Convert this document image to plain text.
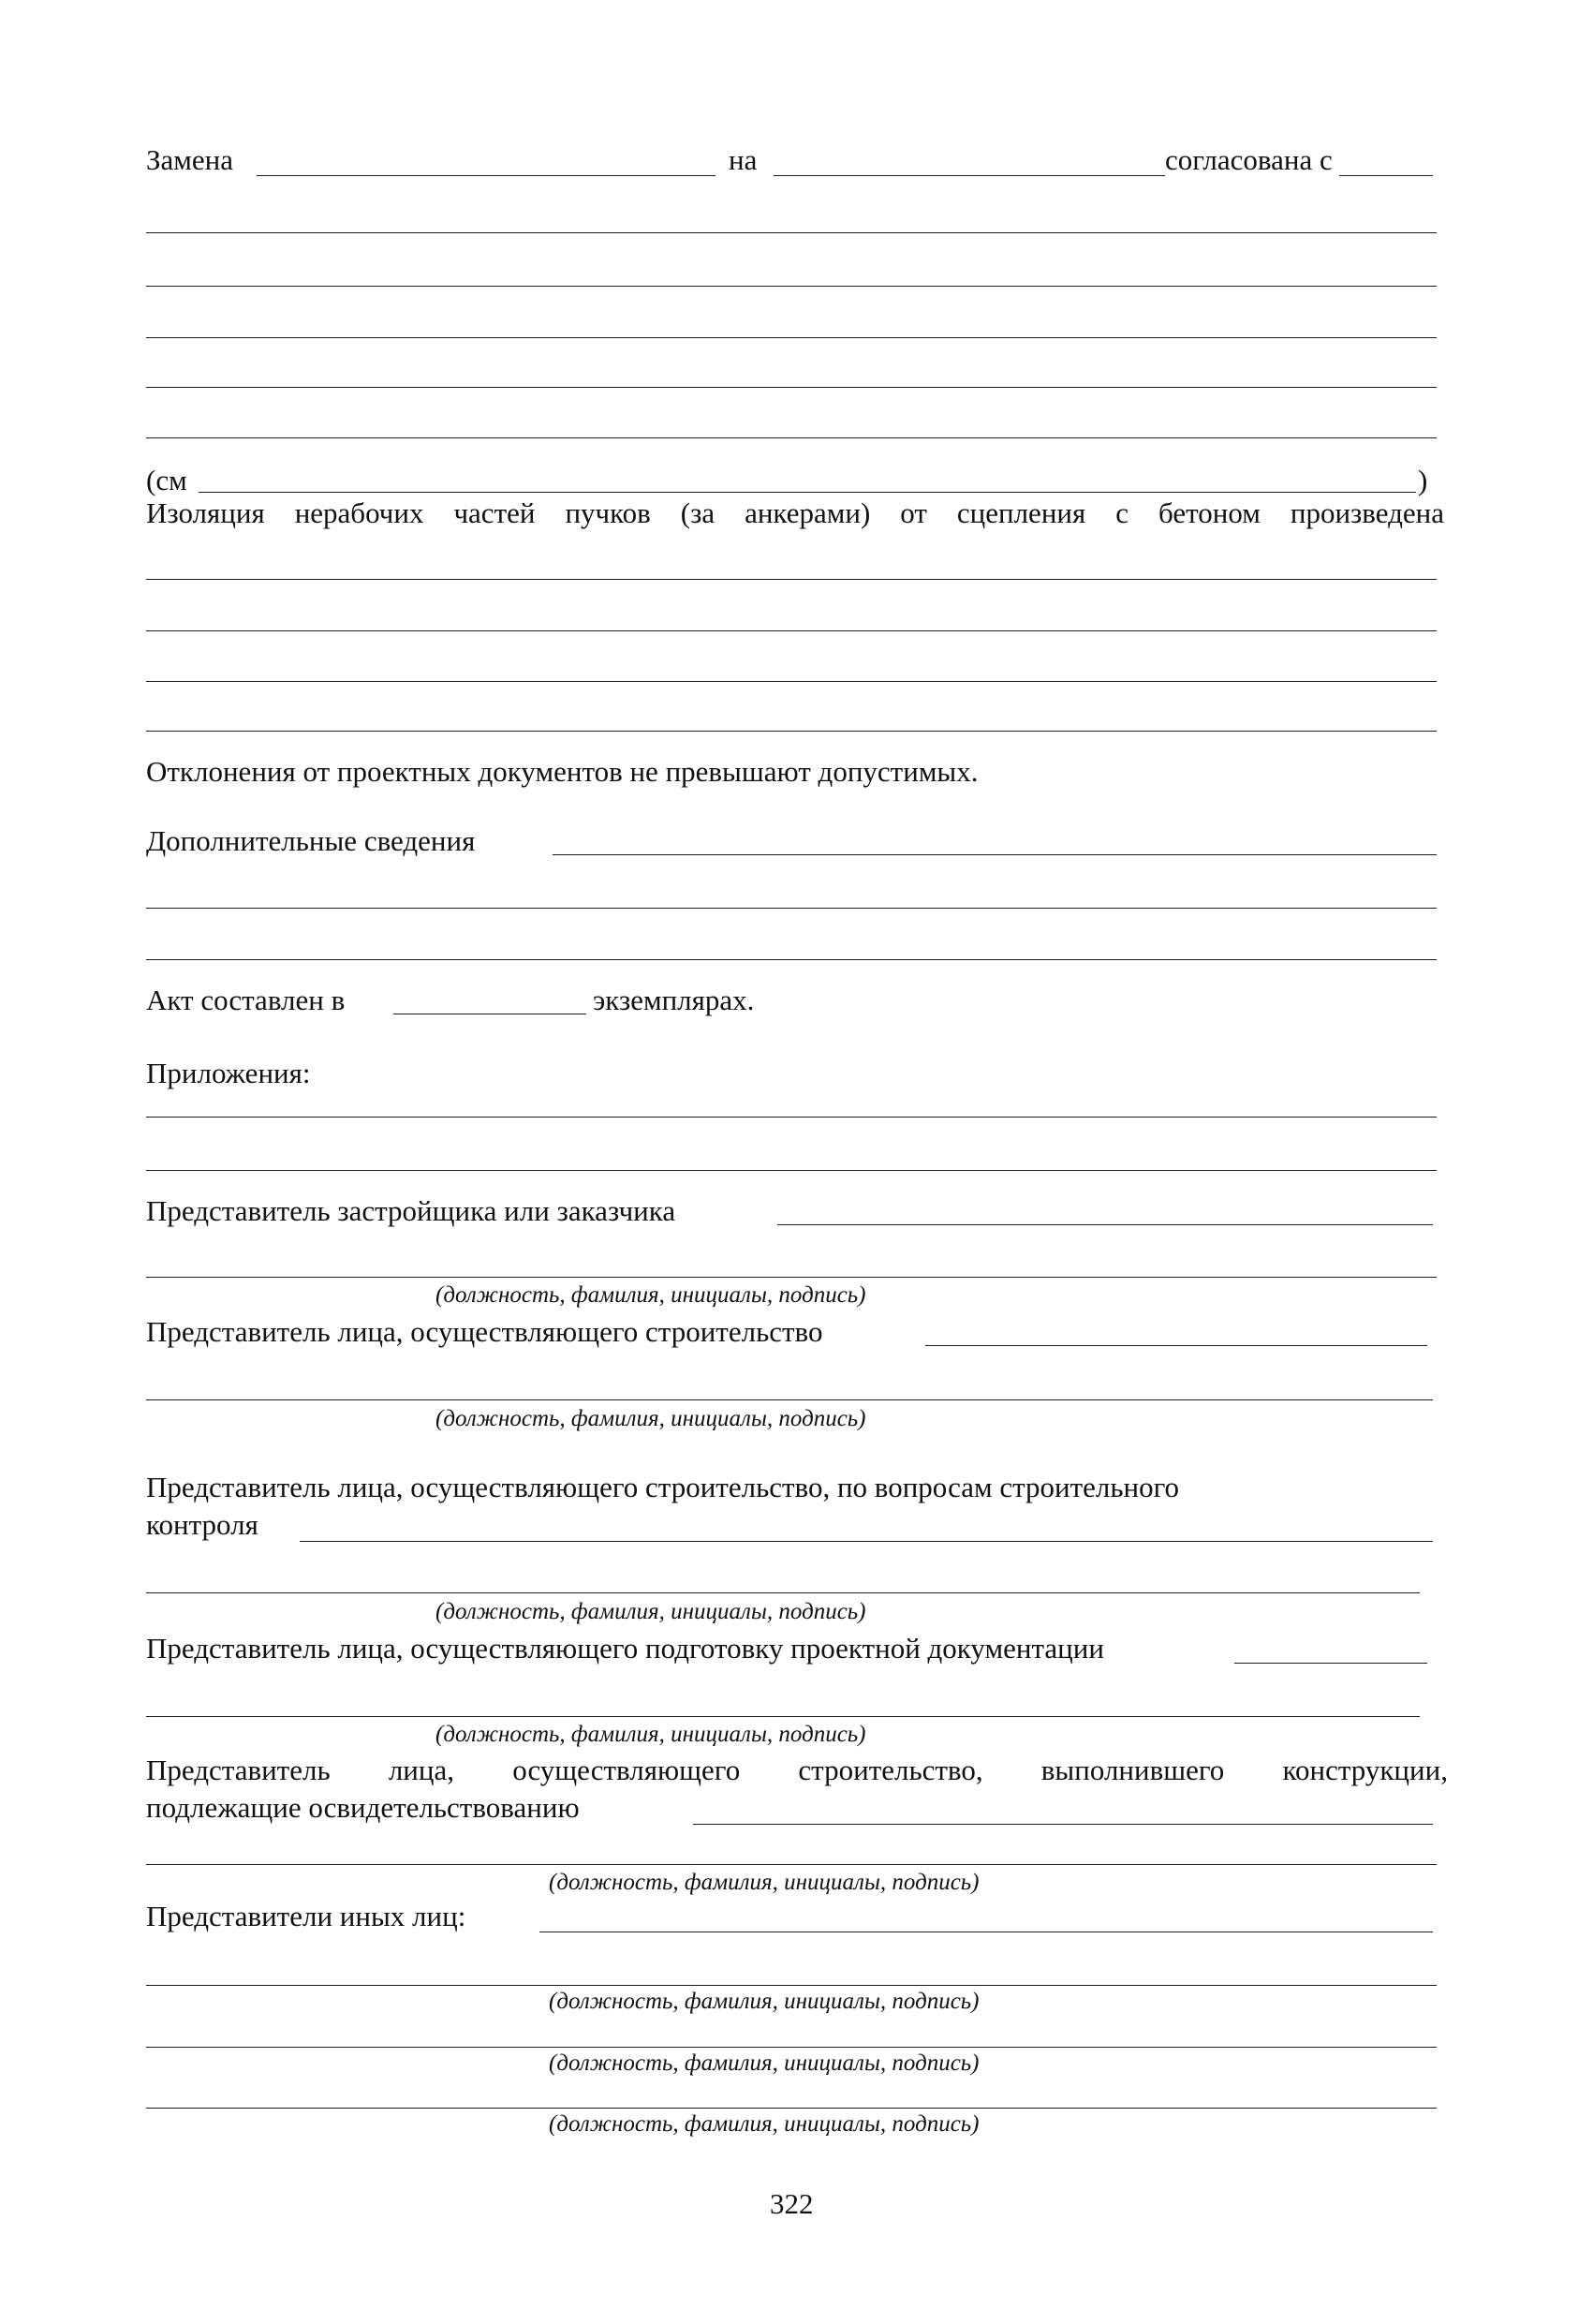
Замена	на	согласована с
(см	)
Изоляция нерабочих частей пучков (за анкерами) от сцепления с бетоном произведена
Отклонения от проектных документов не превышают допустимых.
Дополнительные сведения
Акт составлен в	экземплярах.
Приложения:
Представитель застройщика или заказчика
(должность, фамилия, инициалы, подпись)
Представитель лица, осуществляющего строительство
(должность, фамилия, инициалы, подпись)
Представитель лица, осуществляющего строительство, по вопросам строительного
контроля
(должность, фамилия, инициалы, подпись)
Представитель лица, осуществляющего подготовку проектной документации
(должность, фамилия, инициалы, подпись)
Представитель лица, осуществляющего строительство, выполнившего конструкции,
подлежащие освидетельствованию
(должность, фамилия, инициалы, подпись)
Представители иных лиц:
(должность, фамилия, инициалы, подпись)
(должность, фамилия, инициалы, подпись)
(должность, фамилия, инициалы, подпись)
322
